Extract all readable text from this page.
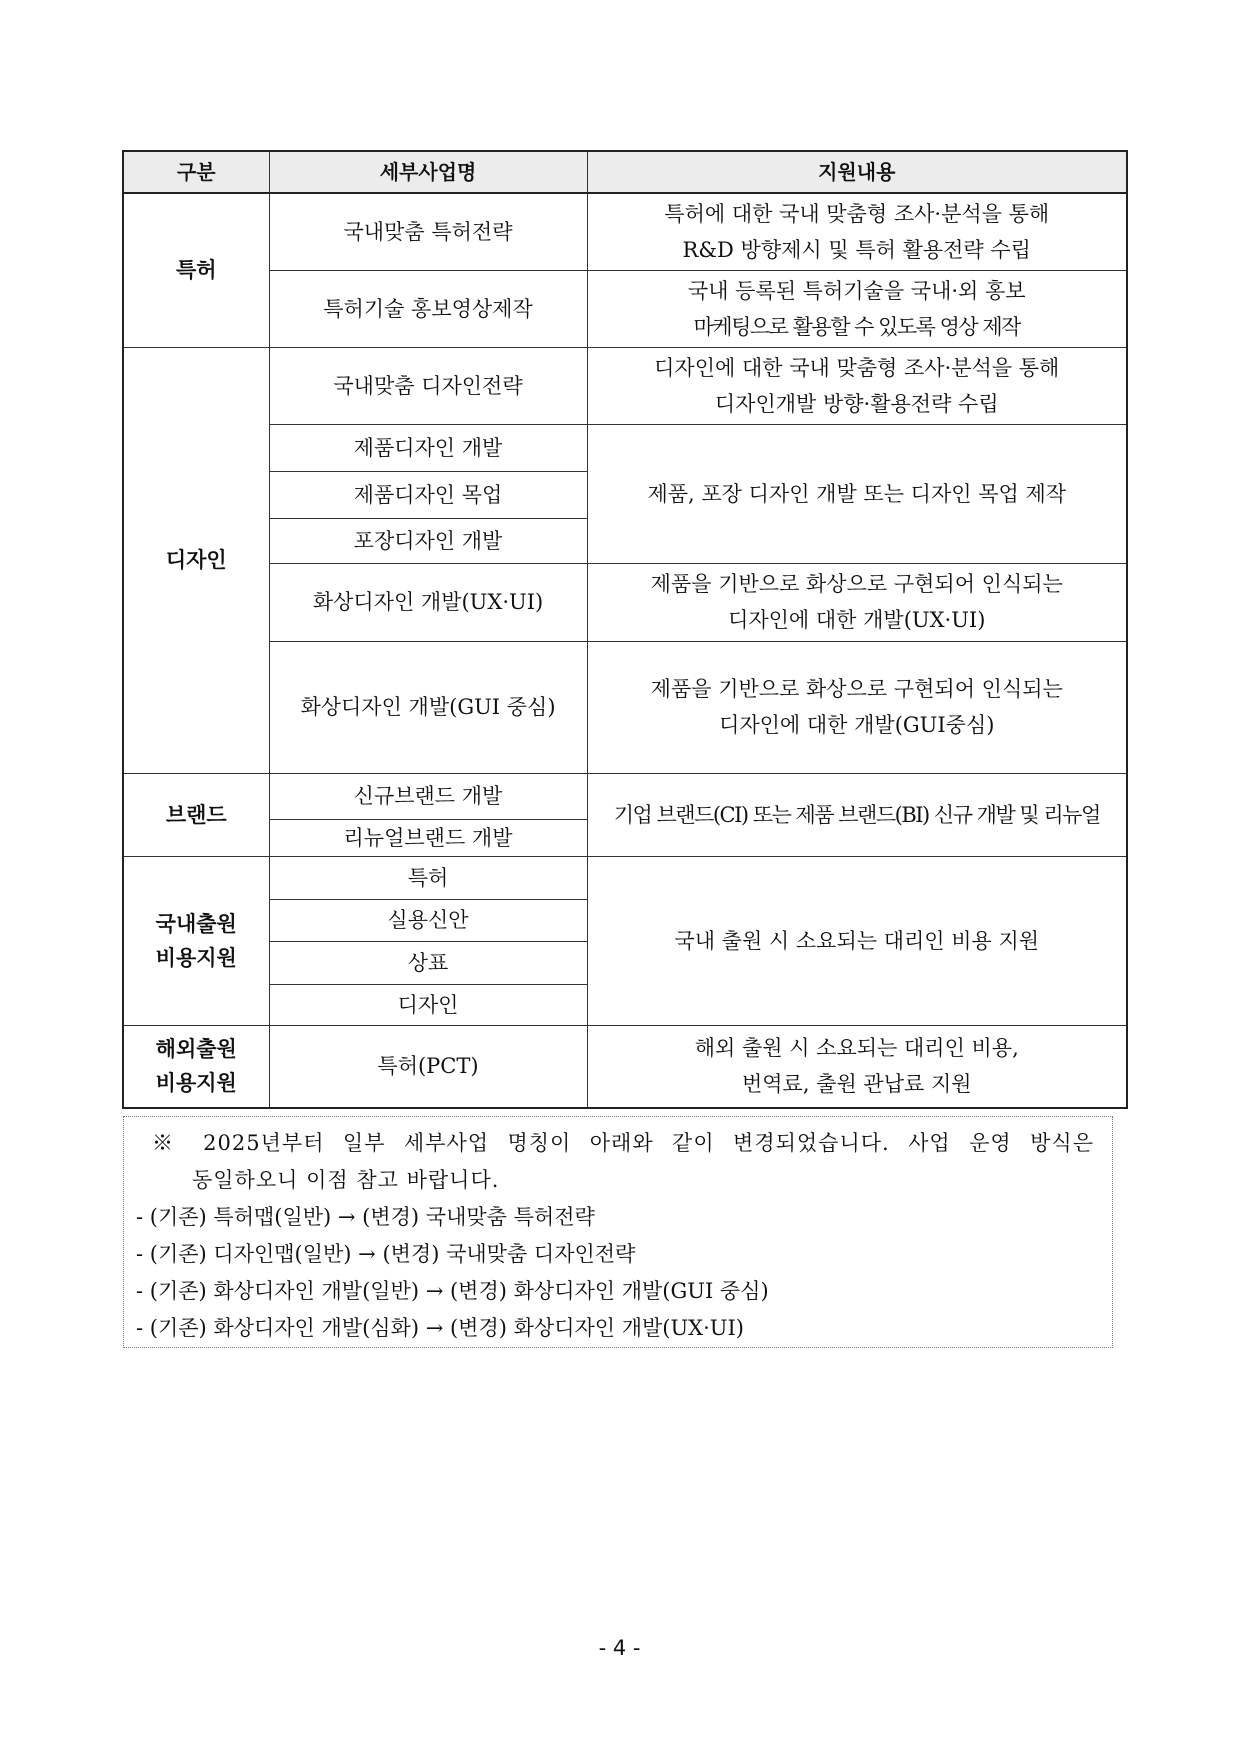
구분	세부사업명	지원내용
특허	국내맞춤 특허전략	특허에 대한 국내 맞춤형 조사·분석을 통해
R&D 방향제시 및 특허 활용전략 수립

	특허기술 홍보영상제작	국내 등록된 특허기술을 국내·외 홍보
마케팅으로 활용할 수 있도록 영상 제작

디자인	국내맞춤 디자인전략	디자인에 대한 국내 맞춤형 조사·분석을 통해
디자인개발 방향·활용전략 수립

	제품디자인 개발	제품, 포장 디자인 개발 또는 디자인 목업 제작
	제품디자인 목업	
	포장디자인 개발	
	화상디자인 개발(UX·UI)	제품을 기반으로 화상으로 구현되어 인식되는
디자인에 대한 개발(UX·UI)

	화상디자인 개발(GUI 중심)	제품을 기반으로 화상으로 구현되어 인식되는
디자인에 대한 개발(GUI중심)

브랜드	신규브랜드 개발	기업 브랜드(CI) 또는 제품 브랜드(BI) 신규 개발 및 리뉴얼
	리뉴얼브랜드 개발	

국내출원
비용지원	특허	국내 출원 시 소요되는 대리인 비용 지원
	실용신안	
	상표	
	디자인	

해외출원
비용지원	특허(PCT)	해외 출원 시 소요되는 대리인 비용,
번역료, 출원 관납료 지원
※ 2025년부터 일부 세부사업 명칭이 아래와 같이 변경되었습니다. 사업 운영 방식은
동일하오니 이점 참고 바랍니다.
- (기존) 특허맵(일반) → (변경) 국내맞춤 특허전략
- (기존) 디자인맵(일반) → (변경) 국내맞춤 디자인전략
- (기존) 화상디자인 개발(일반) → (변경) 화상디자인 개발(GUI 중심)
- (기존) 화상디자인 개발(심화) → (변경) 화상디자인 개발(UX·UI)
- 4 -
